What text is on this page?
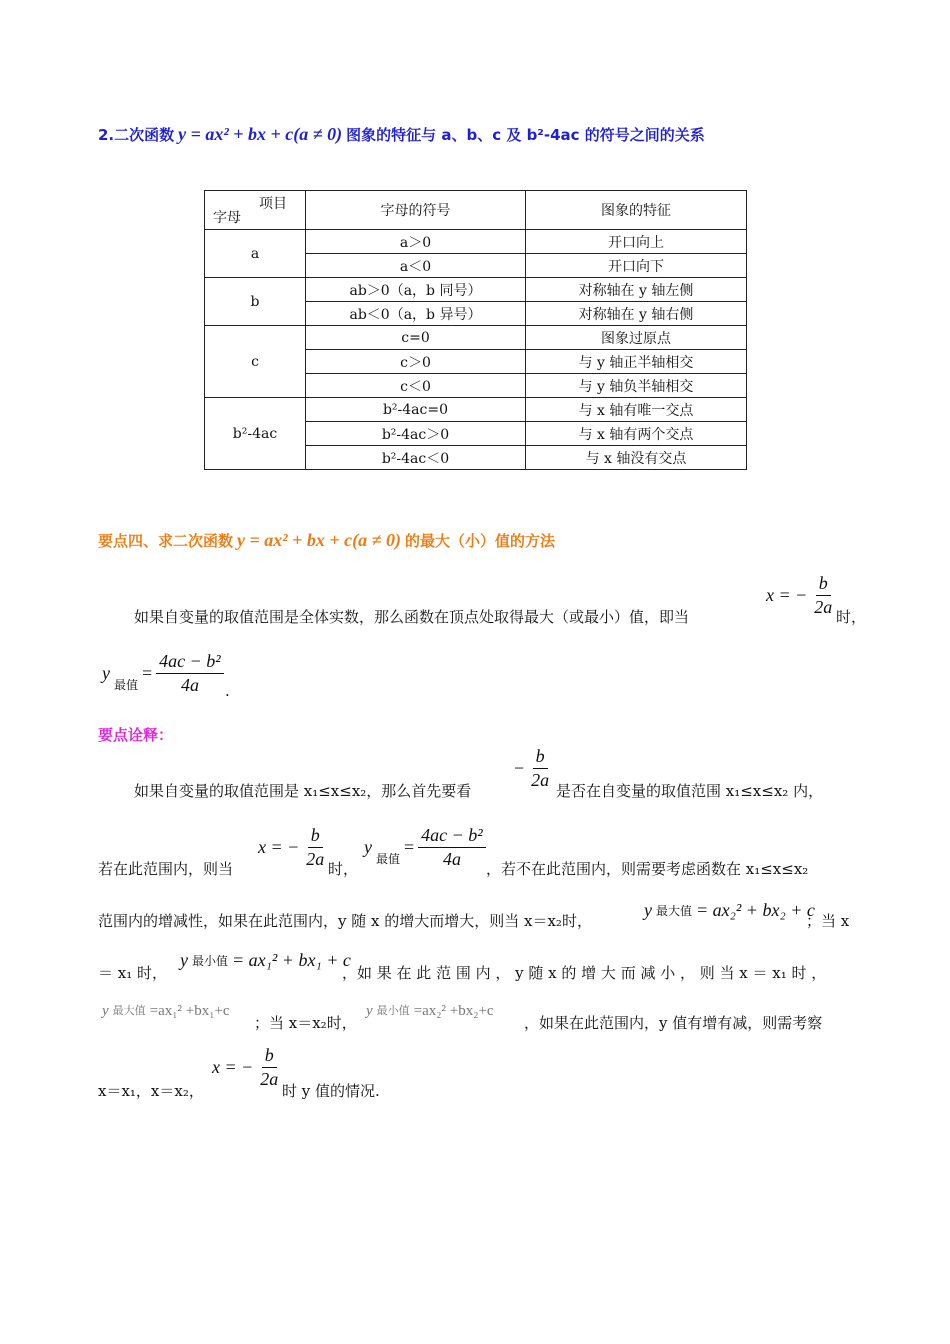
2.二次函数 y = ax² + bx + c(a ≠ 0) 图象的特征与 a、b、c 及 b²-4ac 的符号之间的关系
项目
字母	字母的符号	图象的特征
a	a＞0	开口向上
	a＜0	开口向下
b	ab＞0（a，b 同号）	对称轴在 y 轴左侧
	ab＜0（a，b 异号）	对称轴在 y 轴右侧
c	c=0	图象过原点
	c＞0	与 y 轴正半轴相交
	c＜0	与 y 轴负半轴相交
b²-4ac	b²-4ac=0	与 x 轴有唯一交点
	b²-4ac＞0	与 x 轴有两个交点
	b²-4ac＜0	与 x 轴没有交点
要点四、求二次函数 y = ax² + bx + c(a ≠ 0) 的最大（小）值的方法
如果自变量的取值范围是全体实数，那么函数在顶点处取得最大（或最小）值，即当
x = − $\frac{b}{2a}$
时，
y
最值
= $\frac{\text{4ac − b²}}{4a}$ .
要点诠释：
如果自变量的取值范围是 x₁≤x≤x₂，那么首先要看
− $\frac{b}{2a}$
是否在自变量的取值范围 x₁≤x≤x₂ 内，
若在此范围内，则当
x = − $\frac{b}{2a}$
时，
y
最值
= $\frac{\text{4ac − b²}}{4a}$
，若不在此范围内，则需要考虑函数在 x₁≤x≤x₂
范围内的增减性，如果在此范围内，y 随 x 的增大而增大，则当 x＝x₂时，
y 最大值 = ax₂² + bx₂ + c
；当 x
＝ x₁ 时，
y 最小值 = ax₁² + bx₁ + c
，如 果 在 此 范 围 内 ， y 随 x 的 增 大 而 减 小 ， 则 当 x ＝ x₁ 时 ，
y 最大值 =ax₁² +bx₁+c
；当 x＝x₂时，
y 最小值 =ax₂² +bx₂+c
，如果在此范围内，y 值有增有减，则需考察
x＝x₁，x＝x₂，
x = − $\frac{b}{2a}$
时 y 值的情况.
